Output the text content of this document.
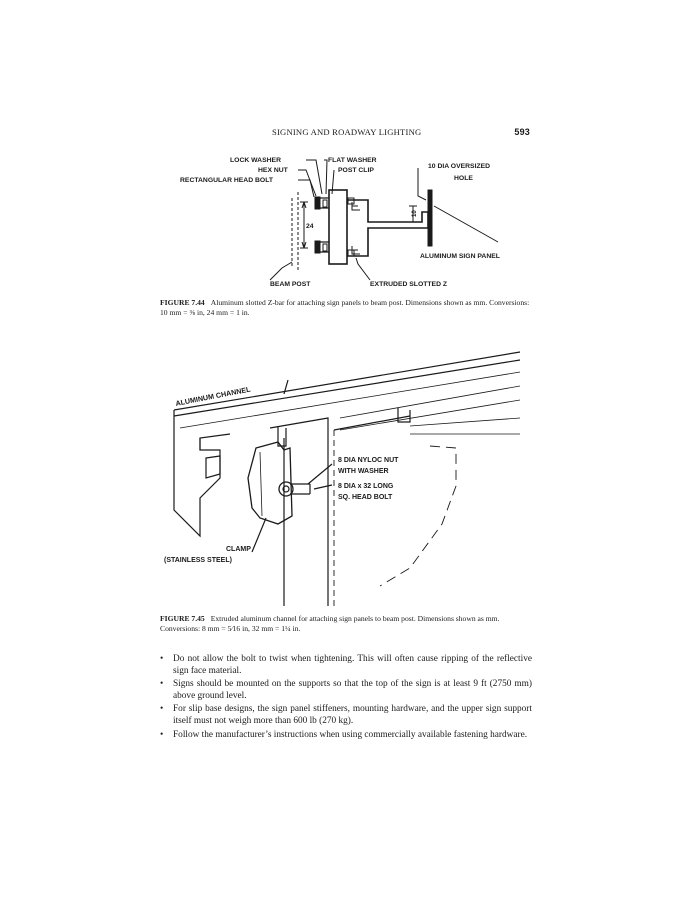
SIGNING AND ROADWAY LIGHTING	593
LOCK WASHER	FLAT WASHER
HEX NUT	POST CLIP
RECTANGULAR HEAD BOLT
10 DIA OVERSIZED
HOLE
24
10
ALUMINUM SIGN PANEL
BEAM POST	EXTRUDED SLOTTED Z
FIGURE 7.44 Aluminum slotted Z-bar for attaching sign panels to beam post. Dimensions shown as mm. Conversions: 10 mm = ⅜ in, 24 mm = 1 in.
ALUMINUM CHANNEL
8 DIA NYLOC NUT
WITH WASHER
8 DIA x 32 LONG
SQ. HEAD BOLT
CLAMP
(STAINLESS STEEL)
FIGURE 7.45 Extruded aluminum channel for attaching sign panels to beam post. Dimensions shown as mm. Conversions: 8 mm = 5⁄16 in, 32 mm = 1¼ in.
• Do not allow the bolt to twist when tightening. This will often cause ripping of the reflective sign face material.
• Signs should be mounted on the supports so that the top of the sign is at least 9 ft (2750 mm) above ground level.
• For slip base designs, the sign panel stiffeners, mounting hardware, and the upper sign support itself must not weigh more than 600 lb (270 kg).
• Follow the manufacturer’s instructions when using commercially available fastening hardware.
